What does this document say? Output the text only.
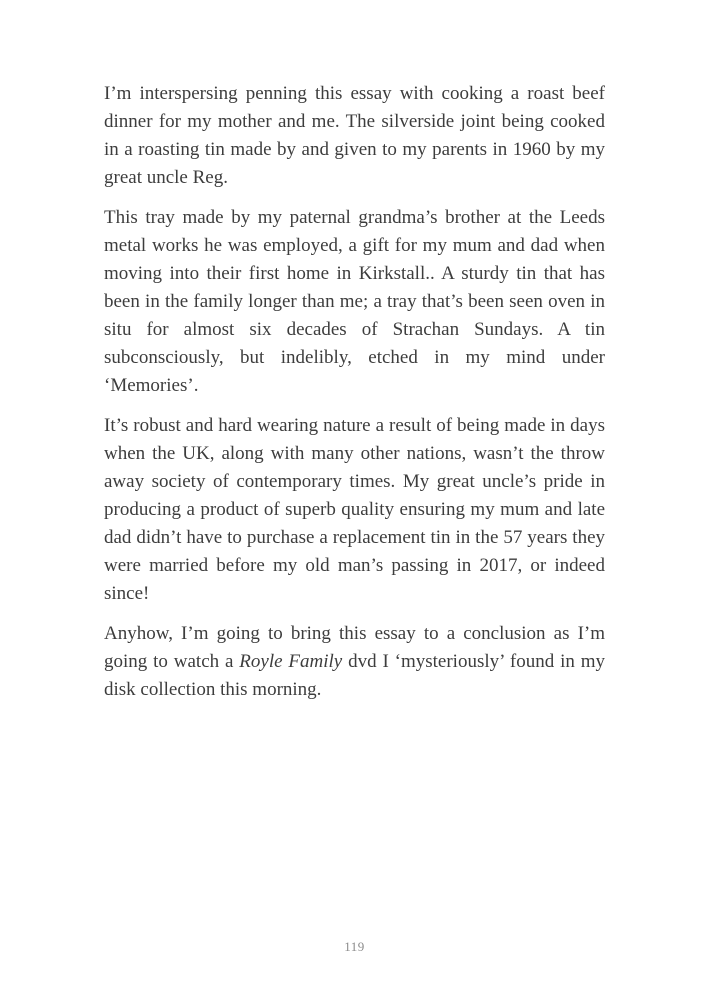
I’m interspersing penning this essay with cooking a roast beef dinner for my mother and me. The silverside joint being cooked in a roasting tin made by and given to my parents in 1960 by my great uncle Reg.

This tray made by my paternal grandma’s brother at the Leeds metal works he was employed, a gift for my mum and dad when moving into their first home in Kirkstall.. A sturdy tin that has been in the family longer than me; a tray that’s been seen oven in situ for almost six decades of Strachan Sundays. A tin subconsciously, but indelibly, etched in my mind under ‘Memories’.

It’s robust and hard wearing nature a result of being made in days when the UK, along with many other nations, wasn’t the throw away society of contemporary times. My great uncle’s pride in producing a product of superb quality ensuring my mum and late dad didn’t have to purchase a replacement tin in the 57 years they were married before my old man’s passing in 2017, or indeed since!

Anyhow, I’m going to bring this essay to a conclusion as I’m going to watch a Royle Family dvd I ‘mysteriously’ found in my disk collection this morning.

119
